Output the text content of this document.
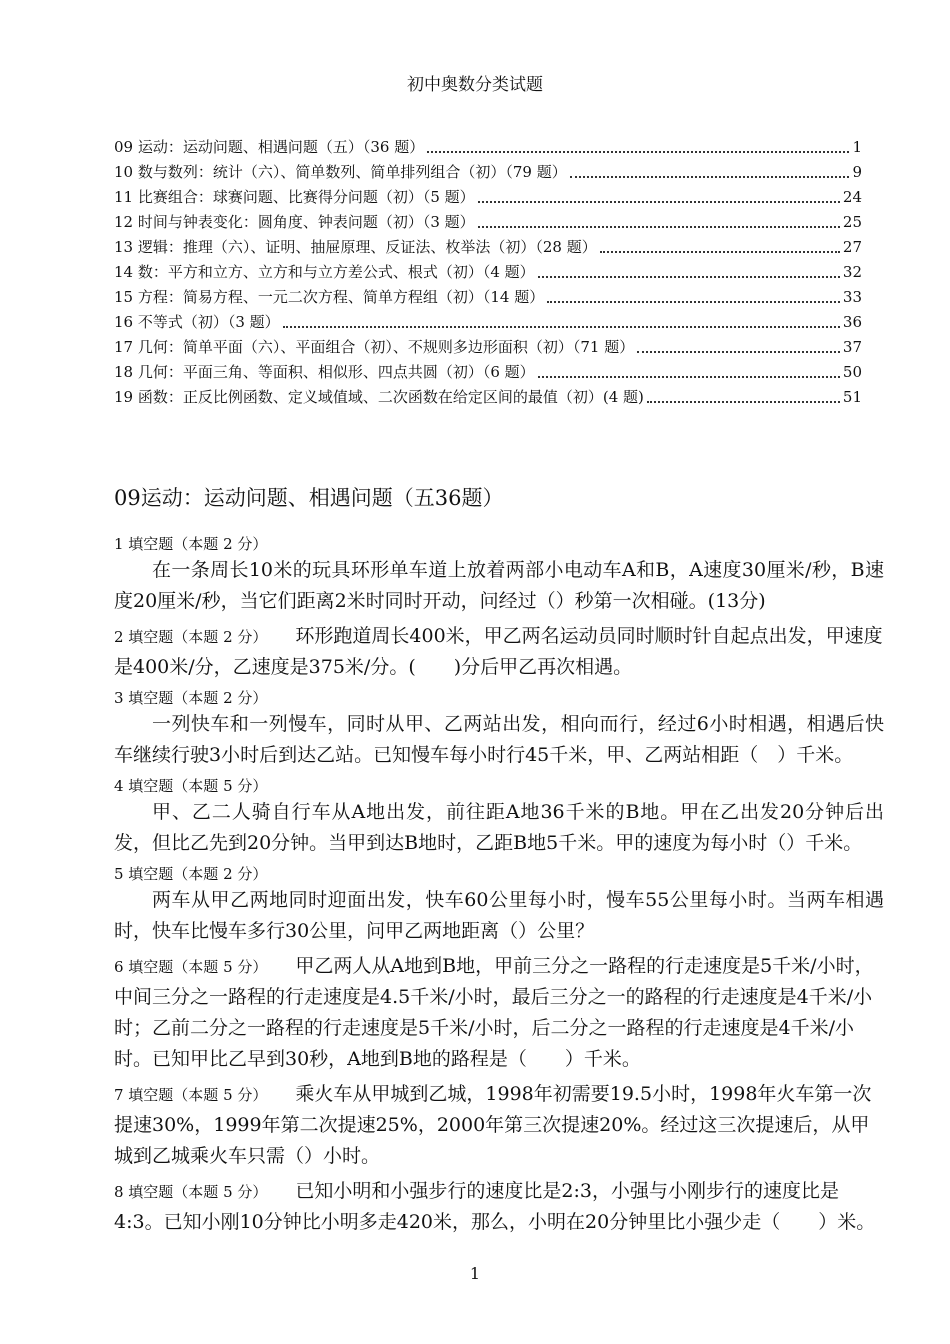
初中奥数分类试题
09 运动：运动问题、相遇问题（五）（36 题）	1
10 数与数列：统计（六）、简单数列、简单排列组合（初）（79 题）	9
11 比赛组合：球赛问题、比赛得分问题（初）（5 题）	24
12 时间与钟表变化：圆角度、钟表问题（初）（3 题）	25
13 逻辑：推理（六）、证明、抽屉原理、反证法、枚举法（初）（28 题）	27
14 数：平方和立方、立方和与立方差公式、根式（初）（4 题）	32
15 方程：简易方程、一元二次方程、简单方程组（初）（14 题）	33
16 不等式（初）（3 题）	36
17 几何：简单平面（六）、平面组合（初）、不规则多边形面积（初）（71 题）	37
18 几何：平面三角、等面积、相似形、四点共圆（初）（6 题）	50
19 函数：正反比例函数、定义域值域、二次函数在给定区间的最值（初）(4 题)	51
09运动：运动问题、相遇问题（五36题）
1 填空题（本题 2 分）
在一条周长10米的玩具环形单车道上放着两部小电动车A和B，A速度30厘米/秒，B速度20厘米/秒，当它们距离2米时同时开动，问经过（）秒第一次相碰。(13分)
2 填空题（本题 2 分） 环形跑道周长400米，甲乙两名运动员同时顺时针自起点出发，甲速度是400米/分，乙速度是375米/分。(　　)分后甲乙再次相遇。
3 填空题（本题 2 分）
一列快车和一列慢车，同时从甲、乙两站出发，相向而行，经过6小时相遇，相遇后快车继续行驶3小时后到达乙站。已知慢车每小时行45千米，甲、乙两站相距（　）千米。
4 填空题（本题 5 分）
甲、乙二人骑自行车从A地出发，前往距A地36千米的B地。甲在乙出发20分钟后出发，但比乙先到20分钟。当甲到达B地时，乙距B地5千米。甲的速度为每小时（）千米。
5 填空题（本题 2 分）
两车从甲乙两地同时迎面出发，快车60公里每小时，慢车55公里每小时。当两车相遇时，快车比慢车多行30公里，问甲乙两地距离（）公里？
6 填空题（本题 5 分） 甲乙两人从A地到B地，甲前三分之一路程的行走速度是5千米/小时，中间三分之一路程的行走速度是4.5千米/小时，最后三分之一的路程的行走速度是4千米/小时；乙前二分之一路程的行走速度是5千米/小时，后二分之一路程的行走速度是4千米/小时。已知甲比乙早到30秒，A地到B地的路程是（　　）千米。
7 填空题（本题 5 分） 乘火车从甲城到乙城，1998年初需要19.5小时，1998年火车第一次提速30%，1999年第二次提速25%，2000年第三次提速20%。经过这三次提速后，从甲城到乙城乘火车只需（）小时。
8 填空题（本题 5 分） 已知小明和小强步行的速度比是2:3，小强与小刚步行的速度比是4:3。已知小刚10分钟比小明多走420米，那么，小明在20分钟里比小强少走（　　）米。
1
